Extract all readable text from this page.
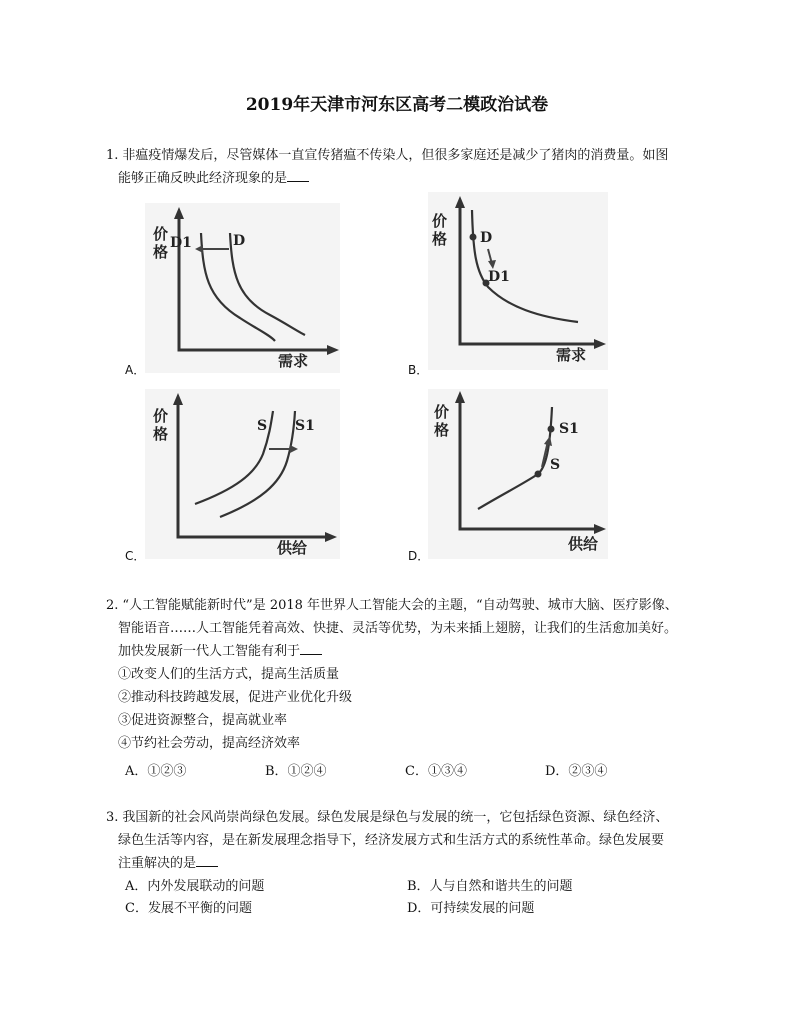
2019年天津市河东区高考二模政治试卷
1. 非瘟疫情爆发后，尽管媒体一直宣传猪瘟不传染人，但很多家庭还是减少了猪肉的消费量。如图
能够正确反映此经济现象的是
价
格
需求
D1	D
A．
价
格
需求
D
D1
B．
价
格
供给
S S1
C．
价
格
供给
S1
S
D．
2. “人工智能赋能新时代”是 2018 年世界人工智能大会的主题，“自动驾驶、城市大脑、医疗影像、
智能语音……人工智能凭着高效、快捷、灵活等优势，为未来插上翅膀，让我们的生活愈加美好。
加快发展新一代人工智能有利于
①改变人们的生活方式，提高生活质量
②推动科技跨越发展，促进产业优化升级
③促进资源整合，提高就业率
④节约社会劳动，提高经济效率
A．①②③	B．①②④	C．①③④	D．②③④
3. 我国新的社会风尚崇尚绿色发展。绿色发展是绿色与发展的统一，它包括绿色资源、绿色经济、
绿色生活等内容，是在新发展理念指导下，经济发展方式和生活方式的系统性革命。绿色发展要
注重解决的是
A．内外发展联动的问题	B．人与自然和谐共生的问题
C．发展不平衡的问题	D．可持续发展的问题
